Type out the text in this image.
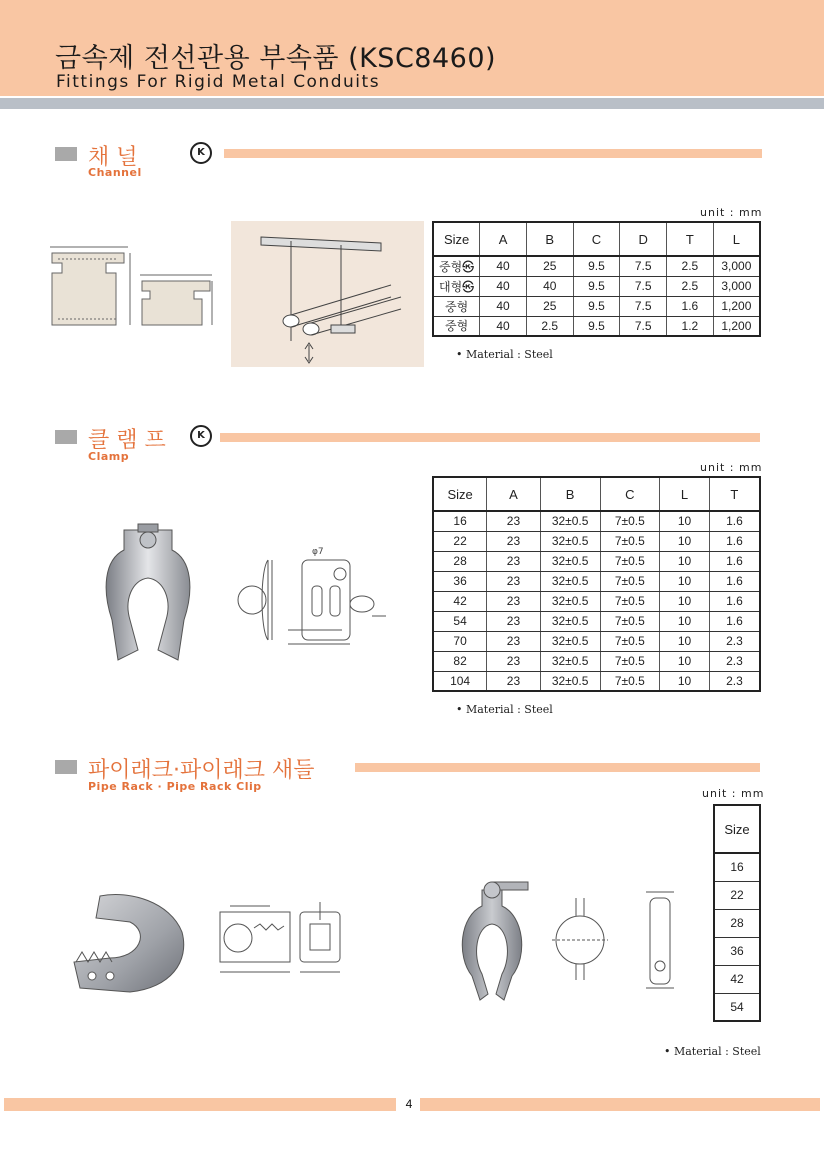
금속제 전선관용 부속품 (KSC8460)
Fittings For Rigid Metal Conduits
채 널	K
Channel
unit : mm
Size	A	B	C	D	T	L
중형㉿	40	25	9.5	7.5	2.5	3,000
대형㉿	40	40	9.5	7.5	2.5	3,000
중형	40	25	9.5	7.5	1.6	1,200
중형	40	2.5	9.5	7.5	1.2	1,200
• Material : Steel
클 램 프	K
Clamp
φ7
unit : mm
Size	A	B	C	L	T
16	23	32±0.5	7±0.5	10	1.6
22	23	32±0.5	7±0.5	10	1.6
28	23	32±0.5	7±0.5	10	1.6
36	23	32±0.5	7±0.5	10	1.6
42	23	32±0.5	7±0.5	10	1.6
54	23	32±0.5	7±0.5	10	1.6
70	23	32±0.5	7±0.5	10	2.3
82	23	32±0.5	7±0.5	10	2.3
104	23	32±0.5	7±0.5	10	2.3
• Material : Steel
파이래크·파이래크 새들
Pipe Rack · Pipe Rack Clip
unit : mm
Size
16
22
28
36
42
54
• Material : Steel
4
